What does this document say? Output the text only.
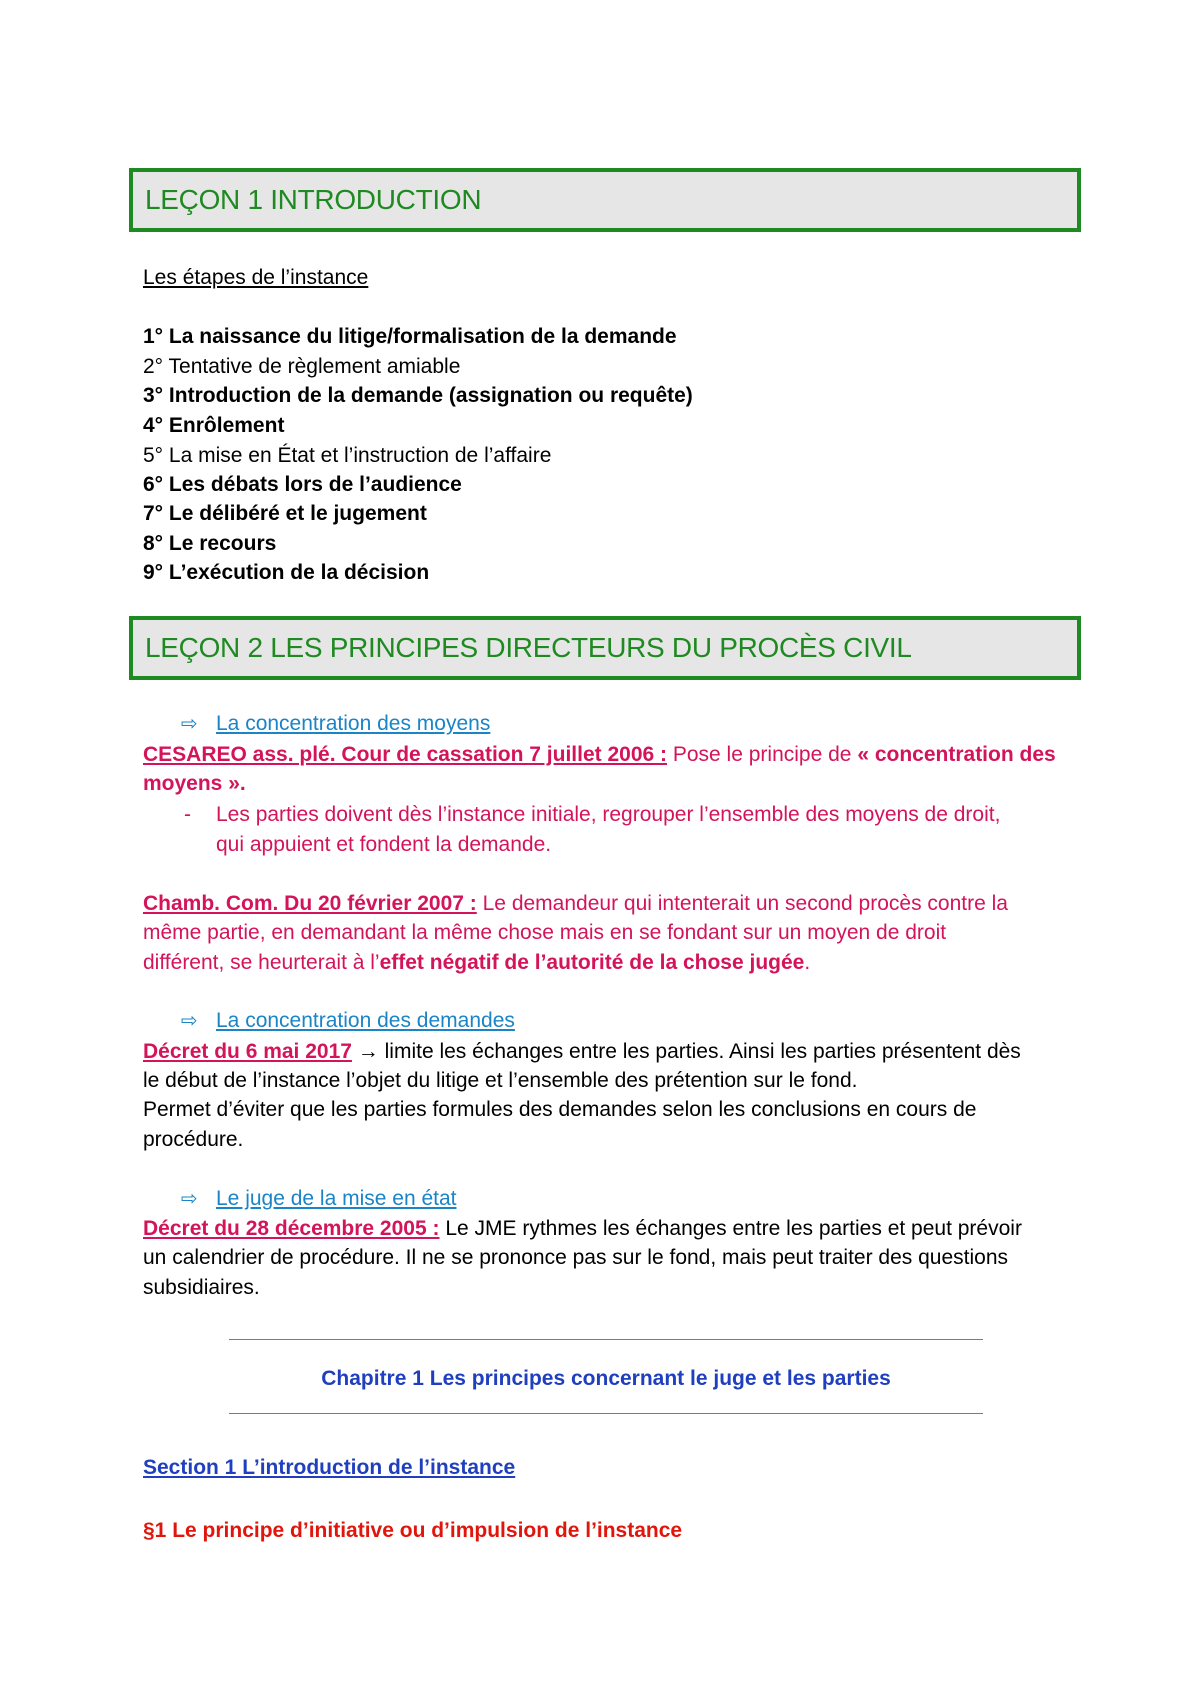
LEÇON 1 INTRODUCTION
Les étapes de l’instance
1° La naissance du litige/formalisation de la demande
2° Tentative de règlement amiable
3° Introduction de la demande (assignation ou requête)
4° Enrôlement
5° La mise en État et l’instruction de l’affaire
6° Les débats lors de l’audience
7° Le délibéré et le jugement
8° Le recours
9° L’exécution de la décision
LEÇON 2 LES PRINCIPES DIRECTEURS DU PROCÈS CIVIL
⇨ La concentration des moyens
CESAREO ass. plé. Cour de cassation 7 juillet 2006 : Pose le principe de « concentration des
moyens ».
- Les parties doivent dès l’instance initiale, regrouper l’ensemble des moyens de droit,
qui appuient et fondent la demande.
Chamb. Com. Du 20 février 2007 : Le demandeur qui intenterait un second procès contre la
même partie, en demandant la même chose mais en se fondant sur un moyen de droit
différent, se heurterait à l’effet négatif de l’autorité de la chose jugée.
⇨ La concentration des demandes
Décret du 6 mai 2017 → limite les échanges entre les parties. Ainsi les parties présentent dès
le début de l’instance l’objet du litige et l’ensemble des prétention sur le fond.
Permet d’éviter que les parties formules des demandes selon les conclusions en cours de
procédure.
⇨ Le juge de la mise en état
Décret du 28 décembre 2005 : Le JME rythmes les échanges entre les parties et peut prévoir
un calendrier de procédure. Il ne se prononce pas sur le fond, mais peut traiter des questions
subsidiaires.
Chapitre 1 Les principes concernant le juge et les parties
Section 1 L’introduction de l’instance
§1 Le principe d’initiative ou d’impulsion de l’instance
